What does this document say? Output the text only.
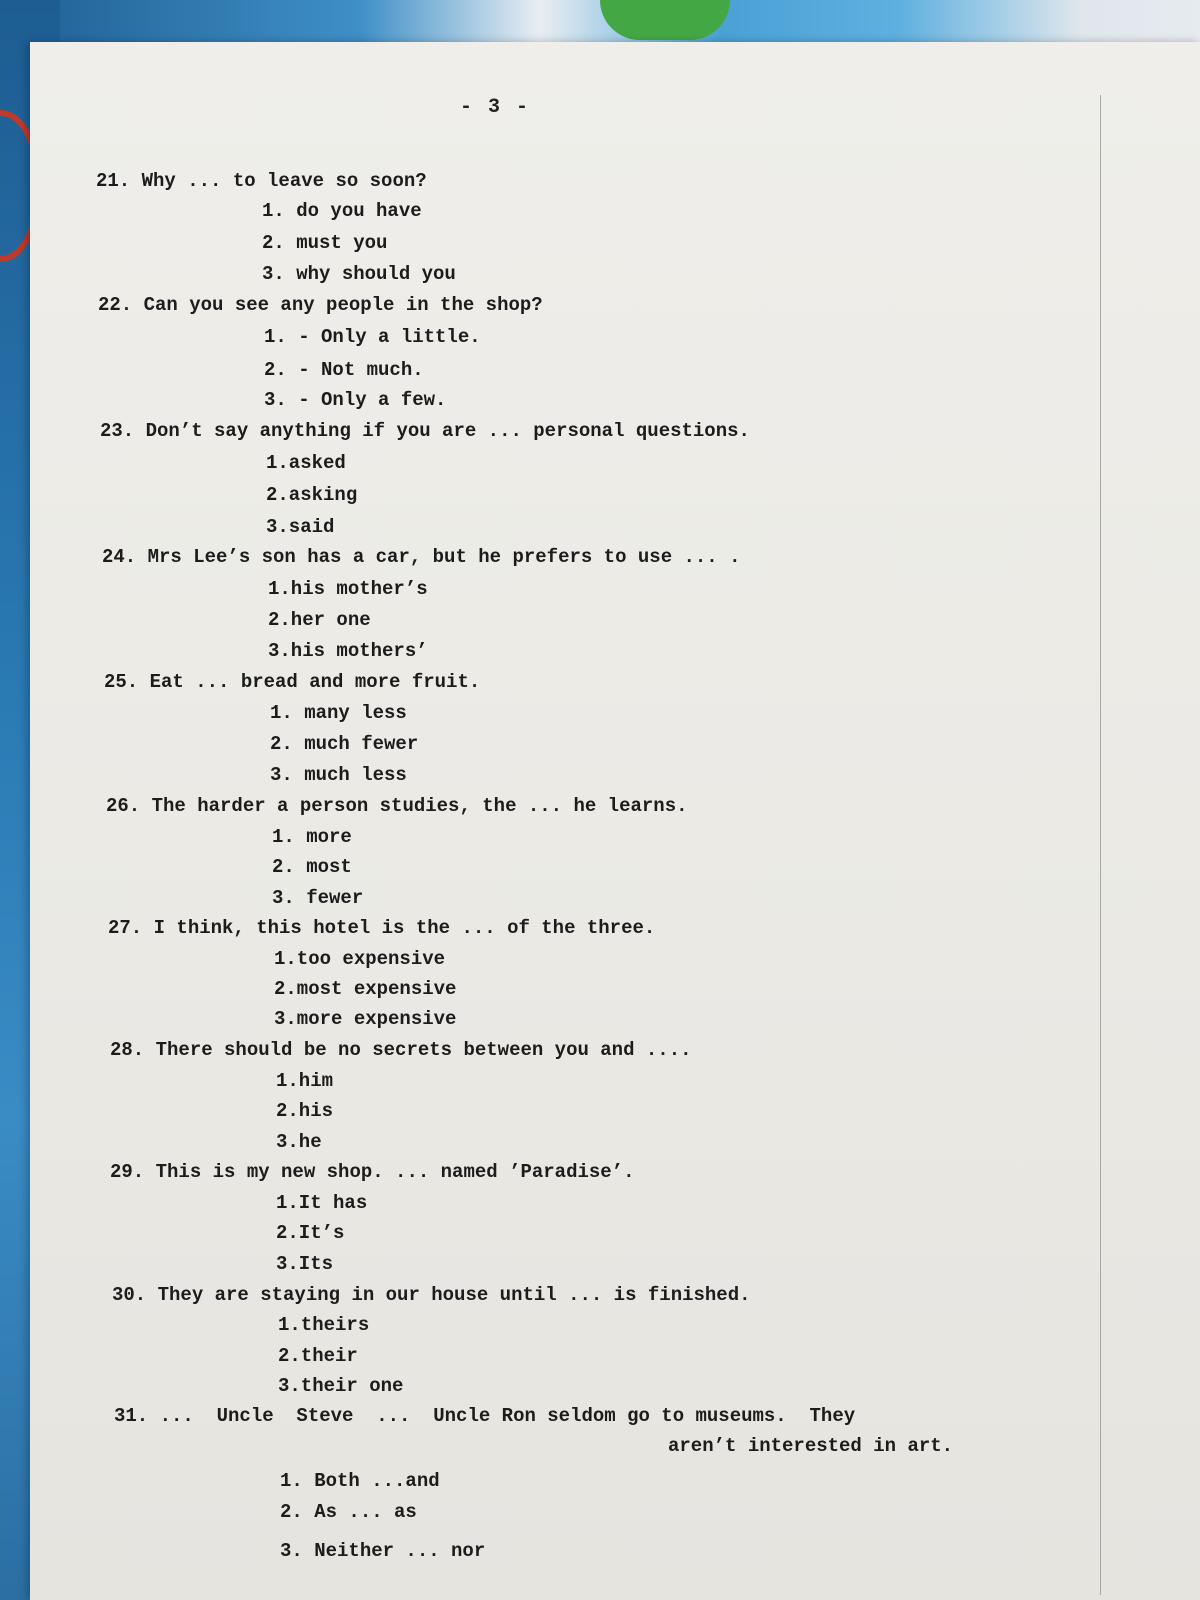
- 3 -
21. Why ... to leave so soon?
1. do you have
2. must you
3. why should you
22. Can you see any people in the shop?
1. - Only a little.
2. - Not much.
3. - Only a few.
23. Don’t say anything if you are ... personal questions.
1.asked
2.asking
3.said
24. Mrs Lee’s son has a car, but he prefers to use ... .
1.his mother’s
2.her one
3.his mothers’
25. Eat ... bread and more fruit.
1. many less
2. much fewer
3. much less
26. The harder a person studies, the ... he learns.
1. more
2. most
3. fewer
27. I think, this hotel is the ... of the three.
1.too expensive
2.most expensive
3.more expensive
28. There should be no secrets between you and ....
1.him
2.his
3.he
29. This is my new shop. ... named ’Paradise’.
1.It has
2.It’s
3.Its
30. They are staying in our house until ... is finished.
1.theirs
2.their
3.their one
31. ...  Uncle  Steve  ...  Uncle Ron seldom go to museums.  They
aren’t interested in art.
1. Both ...and
2. As ... as
3. Neither ... nor
